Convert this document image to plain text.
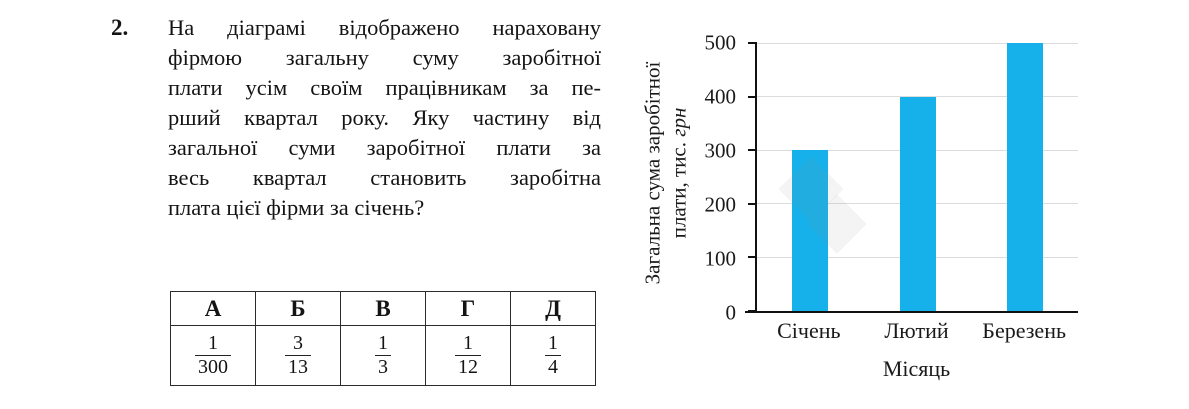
2.	На діаграмі відображено нараховану
фірмою загальну суму заробітної
плати усім своїм працівникам за пе-
рший квартал року. Яку частину від
загальної суми заробітної плати за
весь квартал становить заробітна
плата цієї фірми за січень?
А	Б	В	Г	Д

$\frac{1}{300}$	$\frac{3}{13}$	$\frac{1}{3}$	$\frac{1}{12}$	$\frac{1}{4}$
Загальна сума заробітної плати, тис. грн
0
100
200
300
400
500
Січень Лютий Березень
Місяць
